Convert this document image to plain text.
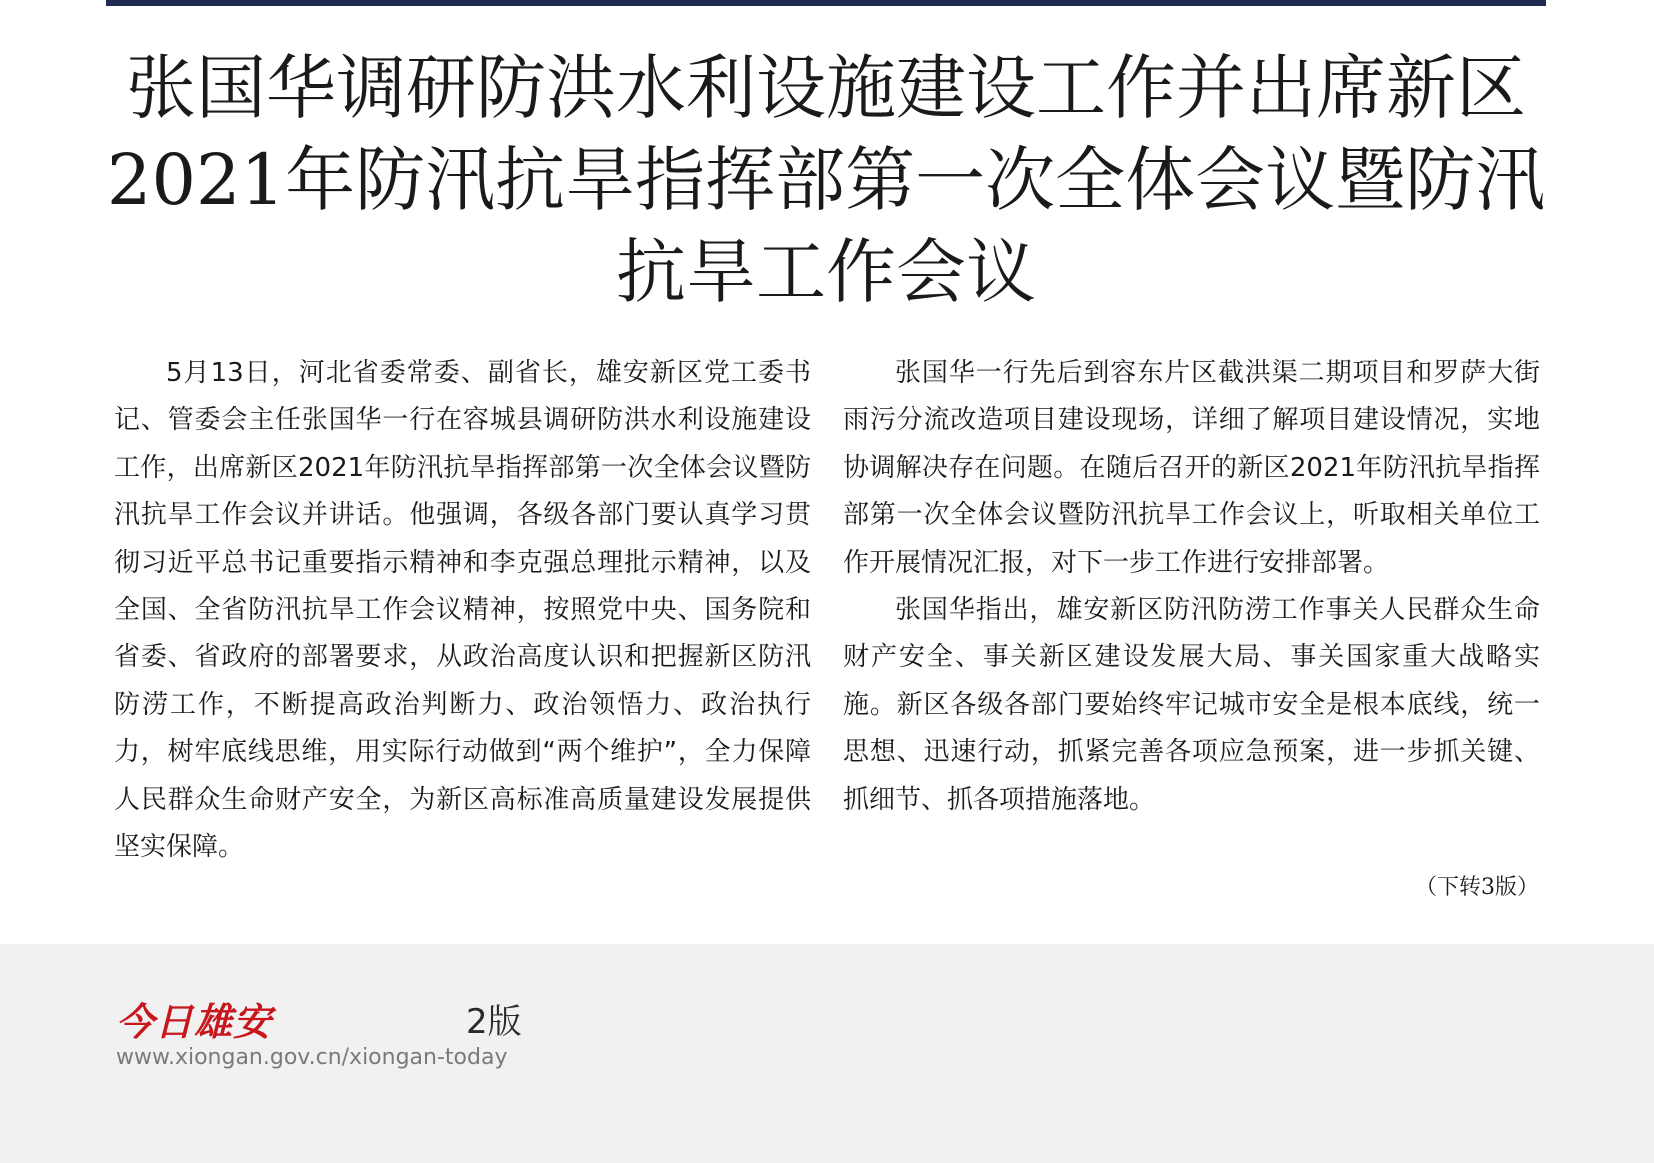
张国华调研防洪水利设施建设工作并出席新区2021年防汛抗旱指挥部第一次全体会议暨防汛抗旱工作会议

5月13日，河北省委常委、副省长，雄安新区党工委书记、管委会主任张国华一行在容城县调研防洪水利设施建设工作，出席新区2021年防汛抗旱指挥部第一次全体会议暨防汛抗旱工作会议并讲话。他强调，各级各部门要认真学习贯彻习近平总书记重要指示精神和李克强总理批示精神，以及全国、全省防汛抗旱工作会议精神，按照党中央、国务院和省委、省政府的部署要求，从政治高度认识和把握新区防汛防涝工作，不断提高政治判断力、政治领悟力、政治执行力，树牢底线思维，用实际行动做到“两个维护”，全力保障人民群众生命财产安全，为新区高标准高质量建设发展提供坚实保障。

张国华一行先后到容东片区截洪渠二期项目和罗萨大街雨污分流改造项目建设现场，详细了解项目建设情况，实地协调解决存在问题。在随后召开的新区2021年防汛抗旱指挥部第一次全体会议暨防汛抗旱工作会议上，听取相关单位工作开展情况汇报，对下一步工作进行安排部署。

张国华指出，雄安新区防汛防涝工作事关人民群众生命财产安全、事关新区建设发展大局、事关国家重大战略实施。新区各级各部门要始终牢记城市安全是根本底线，统一思想、迅速行动，抓紧完善各项应急预案，进一步抓关键、抓细节、抓各项措施落地。

（下转3版）
今日雄安	2版
www.xiongan.gov.cn/xiongan-today
